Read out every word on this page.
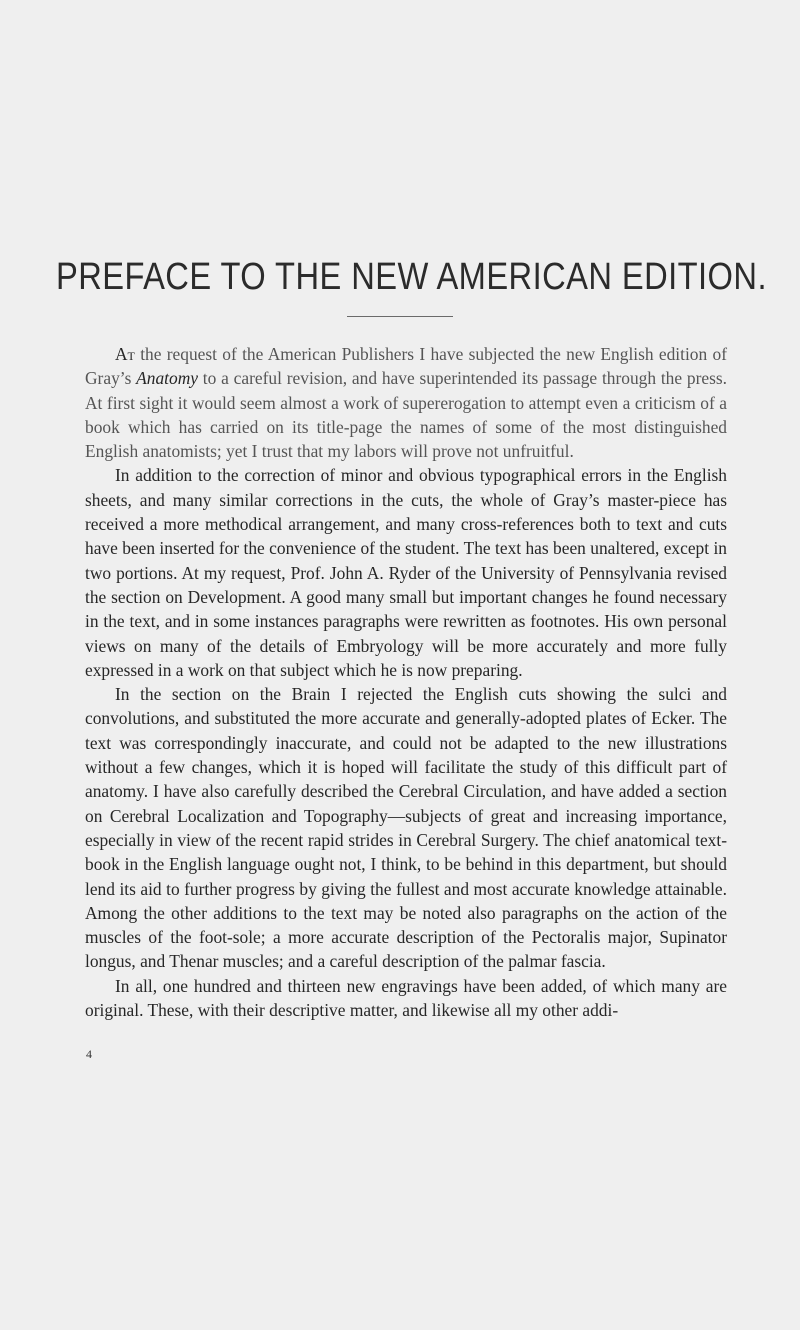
PREFACE TO THE NEW AMERICAN EDITION.

At the request of the American Publishers I have subjected the new English edition of Gray’s Anatomy to a careful revision, and have superintended its passage through the press. At first sight it would seem almost a work of supererogation to attempt even a criticism of a book which has carried on its title-page the names of some of the most distinguished English anatomists; yet I trust that my labors will prove not unfruitful.

In addition to the correction of minor and obvious typographical errors in the English sheets, and many similar corrections in the cuts, the whole of Gray’s master-piece has received a more methodical arrangement, and many cross-references both to text and cuts have been inserted for the convenience of the student. The text has been unaltered, except in two portions. At my request, Prof. John A. Ryder of the University of Pennsylvania revised the section on Development. A good many small but important changes he found necessary in the text, and in some instances paragraphs were rewritten as footnotes. His own personal views on many of the details of Embryology will be more accurately and more fully expressed in a work on that subject which he is now preparing.

In the section on the Brain I rejected the English cuts showing the sulci and convolutions, and substituted the more accurate and generally-adopted plates of Ecker. The text was correspondingly inaccurate, and could not be adapted to the new illustrations without a few changes, which it is hoped will facilitate the study of this difficult part of anatomy. I have also carefully described the Cerebral Circulation, and have added a section on Cerebral Localization and Topography—subjects of great and increasing importance, especially in view of the recent rapid strides in Cerebral Surgery. The chief anatomical text-book in the English language ought not, I think, to be behind in this department, but should lend its aid to further progress by giving the fullest and most accurate knowledge attainable. Among the other additions to the text may be noted also paragraphs on the action of the muscles of the foot-sole; a more accurate description of the Pectoralis major, Supinator longus, and Thenar muscles; and a careful description of the palmar fascia.

In all, one hundred and thirteen new engravings have been added, of which many are original. These, with their descriptive matter, and likewise all my other addi-

4
